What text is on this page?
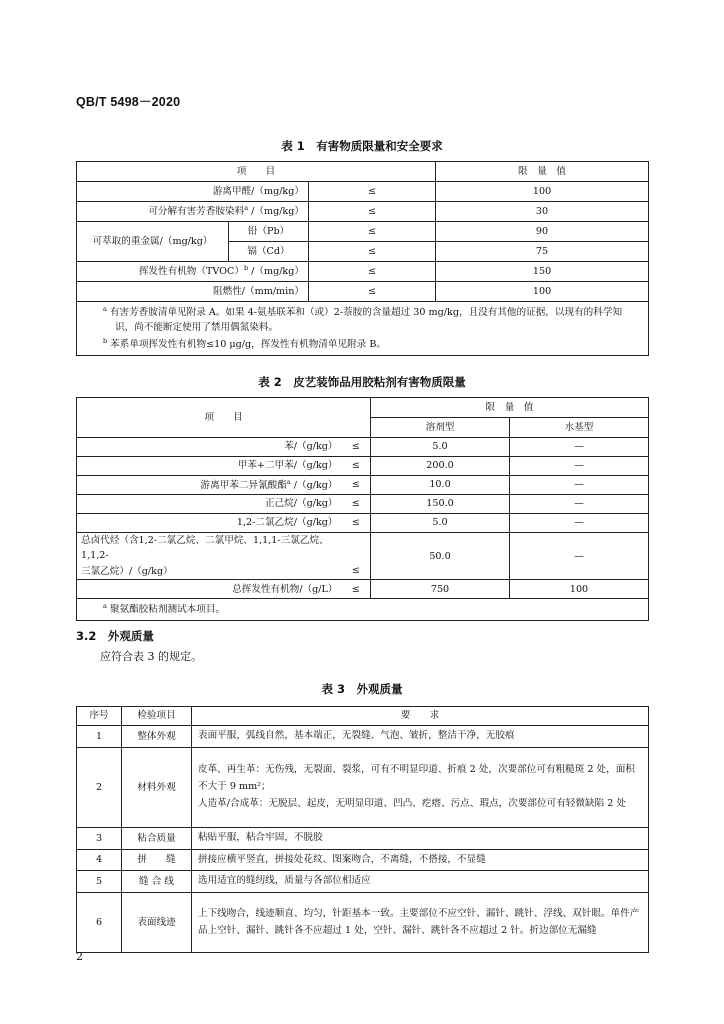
QB/T 5498－2020
表 1　有害物质限量和安全要求
项　　目			限　量　值
游离甲醛/（mg/kg）		≤	100
可分解有害芳香胺染料$^a$ /（mg/kg）		≤	30
可萃取的重金属/（mg/kg）	铅（Pb）	≤	90
	镉（Cd）	≤	75
挥发性有机物（TVOC）$^b$ /（mg/kg）		≤	150
阻燃性/（mm/min）		≤	100

$^a$ 有害芳香胺清单见附录 A。如果 4-氨基联苯和（或）2-萘胺的含量超过 30 mg/kg，且没有其他的证据，以现有的科学知识，尚不能断定使用了禁用偶氮染料。

$^b$ 苯系单项挥发性有机物≤10 μg/g，挥发性有机物清单见附录 B。			

表 2　皮艺装饰品用胶粘剂有害物质限量
项　　目		限　量　值	
		溶剂型	水基型
苯/（g/kg）	≤	5.0	—
甲苯+二甲苯/（g/kg）	≤	200.0	—
游离甲苯二异氰酸酯$^a$ /（g/kg）	≤	10.0	—
正己烷/（g/kg）	≤	150.0	—
1,2-二氯乙烷/（g/kg）	≤	5.0	—

总卤代烃（含1,2-二氯乙烷、二氯甲烷、1,1,1-三氯乙烷、1,1,2-
三氯乙烷）/（g/kg）	≤	50.0	—
总挥发性有机物/（g/L）	≤	750	100

$^a$ 聚氨酯胶粘剂测试本项目。			

3.2　外观质量
应符合表 3 的规定。
表 3　外观质量
序号	检验项目	要　　求
1	整体外观	表面平服，弧线自然，基本端正，无裂缝、气泡、皱折，整洁干净，无胶痕
2	材料外观	皮革、再生革：无伤残，无裂面、裂浆，可有不明显印道、折痕 2 处，次要部位可有粗糙斑 2 处，面积不大于 9 mm²；

人造革/合成革：无脱层、起皮，无明显印道、凹凸、疙瘩、污点、瑕点，次要部位可有轻微缺陷 2 处

3	粘合质量	粘贴平服，粘合牢固，不脱胶
4	拼　　缝	拼接应横平竖直，拼接处花纹、图案吻合，不离缝，不搭接，不显缝
5	缝 合 线	选用适宜的缝纫线，质量与各部位相适应
6	表面线迹	上下线吻合，线迹顺直、均匀，针距基本一致。主要部位不应空针、漏针、跳针、浮线、双针眼。单件产品上空针、漏针、跳针各不应超过 1 处，空针、漏针、跳针各不应超过 2 针。折边部位无漏缝
2
